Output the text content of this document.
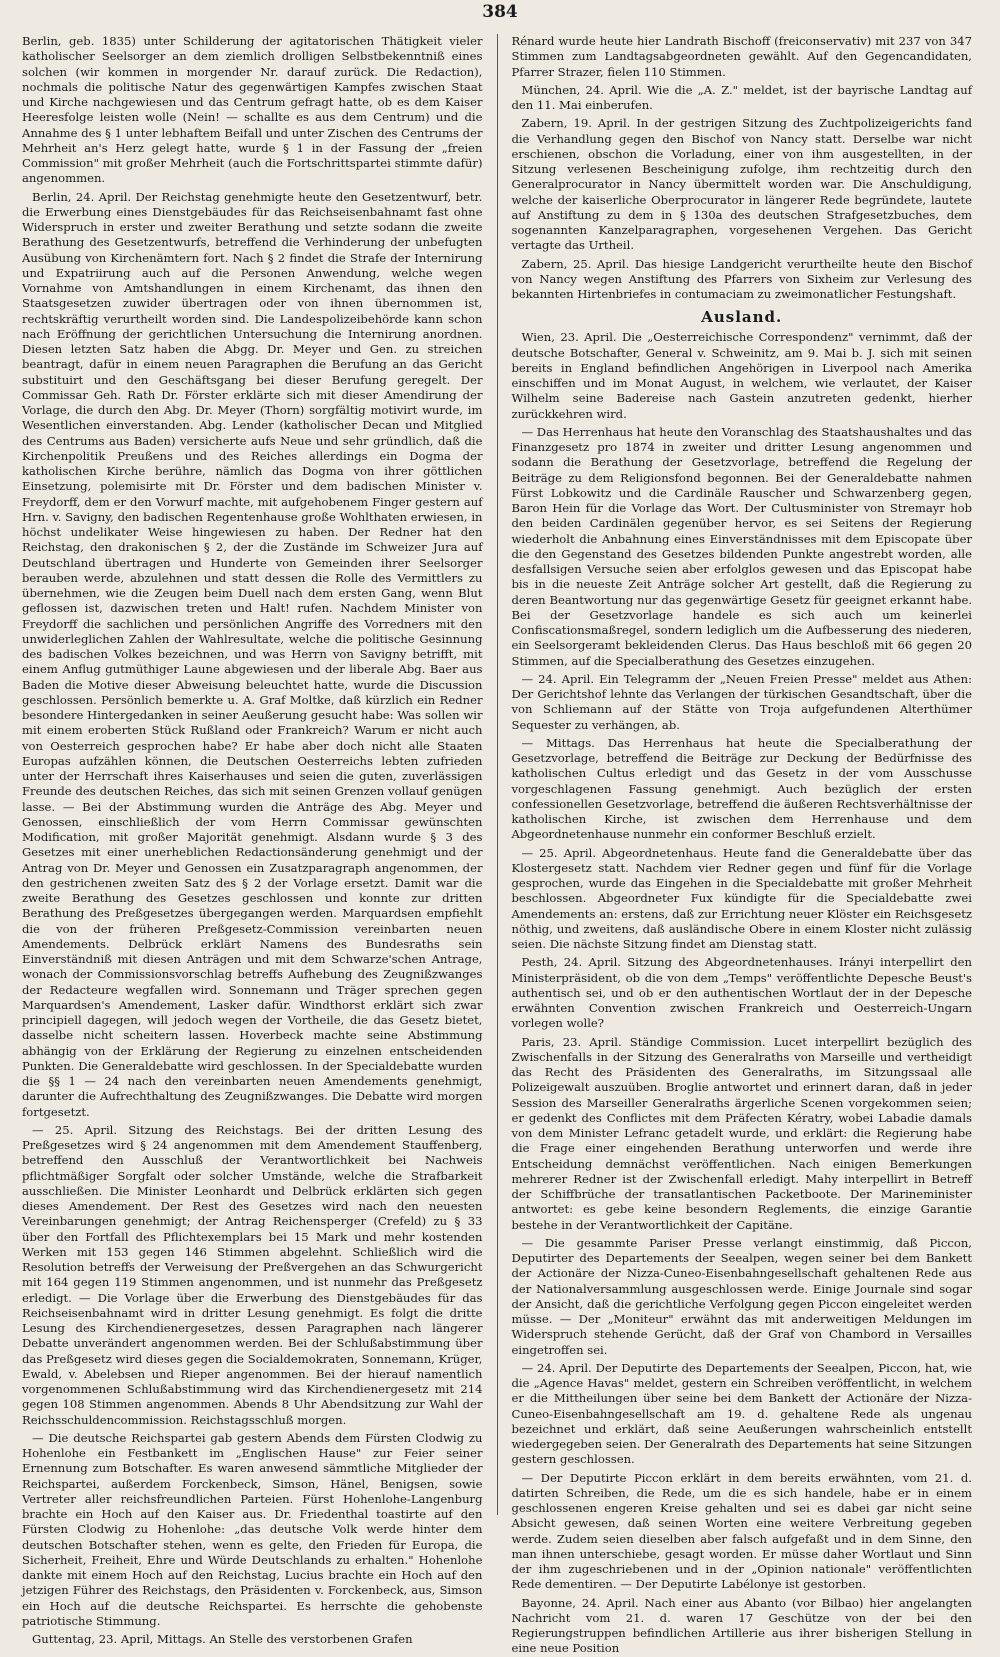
384

Berlin, geb. 1835) unter Schilderung der agitatorischen Thätigkeit vieler katholischer Seelsorger an dem ziemlich drolligen Selbstbekenntniß eines solchen (wir kommen in morgender Nr. darauf zurück. Die Redaction), nochmals die politische Natur des gegenwärtigen Kampfes zwischen Staat und Kirche nachgewiesen und das Centrum gefragt hatte, ob es dem Kaiser Heeresfolge leisten wolle (Nein! — schallte es aus dem Centrum) und die Annahme des § 1 unter lebhaftem Beifall und unter Zischen des Centrums der Mehrheit an's Herz gelegt hatte, wurde § 1 in der Fassung der „freien Commission" mit großer Mehrheit (auch die Fortschrittspartei stimmte dafür) angenommen.

Berlin, 24. April. Der Reichstag genehmigte heute den Gesetzentwurf, betr. die Erwerbung eines Dienstgebäudes für das Reichseisenbahnamt fast ohne Widerspruch in erster und zweiter Berathung und setzte sodann die zweite Berathung des Gesetzentwurfs, betreffend die Verhinderung der unbefugten Ausübung von Kirchenämtern fort. Nach § 2 findet die Strafe der Internirung und Expatriirung auch auf die Personen Anwendung, welche wegen Vornahme von Amtshandlungen in einem Kirchenamt, das ihnen den Staatsgesetzen zuwider übertragen oder von ihnen übernommen ist, rechtskräftig verurtheilt worden sind. Die Landespolizeibehörde kann schon nach Eröffnung der gerichtlichen Untersuchung die Internirung anordnen. Diesen letzten Satz haben die Abgg. Dr. Meyer und Gen. zu streichen beantragt, dafür in einem neuen Paragraphen die Berufung an das Gericht substituirt und den Geschäftsgang bei dieser Berufung geregelt. Der Commissar Geh. Rath Dr. Förster erklärte sich mit dieser Amendirung der Vorlage, die durch den Abg. Dr. Meyer (Thorn) sorgfältig motivirt wurde, im Wesentlichen einverstanden. Abg. Lender (katholischer Decan und Mitglied des Centrums aus Baden) versicherte aufs Neue und sehr gründlich, daß die Kirchenpolitik Preußens und des Reiches allerdings ein Dogma der katholischen Kirche berühre, nämlich das Dogma von ihrer göttlichen Einsetzung, polemisirte mit Dr. Förster und dem badischen Minister v. Freydorff, dem er den Vorwurf machte, mit aufgehobenem Finger gestern auf Hrn. v. Savigny, den badischen Regentenhause große Wohlthaten erwiesen, in höchst undelikater Weise hingewiesen zu haben. Der Redner hat den Reichstag, den drakonischen § 2, der die Zustände im Schweizer Jura auf Deutschland übertragen und Hunderte von Gemeinden ihrer Seelsorger berauben werde, abzulehnen und statt dessen die Rolle des Vermittlers zu übernehmen, wie die Zeugen beim Duell nach dem ersten Gang, wenn Blut geflossen ist, dazwischen treten und Halt! rufen. Nachdem Minister von Freydorff die sachlichen und persönlichen Angriffe des Vorredners mit den unwiderleglichen Zahlen der Wahlresultate, welche die politische Gesinnung des badischen Volkes bezeichnen, und was Herrn von Savigny betrifft, mit einem Anflug gutmüthiger Laune abgewiesen und der liberale Abg. Baer aus Baden die Motive dieser Abweisung beleuchtet hatte, wurde die Discussion geschlossen. Persönlich bemerkte u. A. Graf Moltke, daß kürzlich ein Redner besondere Hintergedanken in seiner Aeußerung gesucht habe: Was sollen wir mit einem eroberten Stück Rußland oder Frankreich? Warum er nicht auch von Oesterreich gesprochen habe? Er habe aber doch nicht alle Staaten Europas aufzählen können, die Deutschen Oesterreichs lebten zufrieden unter der Herrschaft ihres Kaiserhauses und seien die guten, zuverlässigen Freunde des deutschen Reiches, das sich mit seinen Grenzen vollauf genügen lasse. — Bei der Abstimmung wurden die Anträge des Abg. Meyer und Genossen, einschließlich der vom Herrn Commissar gewünschten Modification, mit großer Majorität genehmigt. Alsdann wurde § 3 des Gesetzes mit einer unerheblichen Redactionsänderung genehmigt und der Antrag von Dr. Meyer und Genossen ein Zusatzparagraph angenommen, der den gestrichenen zweiten Satz des § 2 der Vorlage ersetzt. Damit war die zweite Berathung des Gesetzes geschlossen und konnte zur dritten Berathung des Preßgesetzes übergegangen werden. Marquardsen empfiehlt die von der früheren Preßgesetz-Commission vereinbarten neuen Amendements. Delbrück erklärt Namens des Bundesraths sein Einverständniß mit diesen Anträgen und mit dem Schwarze'schen Antrage, wonach der Commissionsvorschlag betreffs Aufhebung des Zeugnißzwanges der Redacteure wegfallen wird. Sonnemann und Träger sprechen gegen Marquardsen's Amendement, Lasker dafür. Windthorst erklärt sich zwar principiell dagegen, will jedoch wegen der Vortheile, die das Gesetz bietet, dasselbe nicht scheitern lassen. Hoverbeck machte seine Abstimmung abhängig von der Erklärung der Regierung zu einzelnen entscheidenden Punkten. Die Generaldebatte wird geschlossen. In der Specialdebatte wurden die §§ 1 — 24 nach den vereinbarten neuen Amendements genehmigt, darunter die Aufrechthaltung des Zeugnißzwanges. Die Debatte wird morgen fortgesetzt.

— 25. April. Sitzung des Reichstags. Bei der dritten Lesung des Preßgesetzes wird § 24 angenommen mit dem Amendement Stauffenberg, betreffend den Ausschluß der Verantwortlichkeit bei Nachweis pflichtmäßiger Sorgfalt oder solcher Umstände, welche die Strafbarkeit ausschließen. Die Minister Leonhardt und Delbrück erklärten sich gegen dieses Amendement. Der Rest des Gesetzes wird nach den neuesten Vereinbarungen genehmigt; der Antrag Reichensperger (Crefeld) zu § 33 über den Fortfall des Pflichtexemplars bei 15 Mark und mehr kostenden Werken mit 153 gegen 146 Stimmen abgelehnt. Schließlich wird die Resolution betreffs der Verweisung der Preßvergehen an das Schwurgericht mit 164 gegen 119 Stimmen angenommen, und ist nunmehr das Preßgesetz erledigt. — Die Vorlage über die Erwerbung des Dienstgebäudes für das Reichseisenbahnamt wird in dritter Lesung genehmigt. Es folgt die dritte Lesung des Kirchendienergesetzes, dessen Paragraphen nach längerer Debatte unverändert angenommen werden. Bei der Schlußabstimmung über das Preßgesetz wird dieses gegen die Socialdemokraten, Sonnemann, Krüger, Ewald, v. Abelebsen und Rieper angenommen. Bei der hierauf namentlich vorgenommenen Schlußabstimmung wird das Kirchendienergesetz mit 214 gegen 108 Stimmen angenommen. Abends 8 Uhr Abendsitzung zur Wahl der Reichsschuldencommission. Reichstagsschluß morgen.

— Die deutsche Reichspartei gab gestern Abends dem Fürsten Clodwig zu Hohenlohe ein Festbankett im „Englischen Hause" zur Feier seiner Ernennung zum Botschafter. Es waren anwesend sämmtliche Mitglieder der Reichspartei, außerdem Forckenbeck, Simson, Hänel, Benigsen, sowie Vertreter aller reichsfreundlichen Parteien. Fürst Hohenlohe-Langenburg brachte ein Hoch auf den Kaiser aus. Dr. Friedenthal toastirte auf den Fürsten Clodwig zu Hohenlohe: „das deutsche Volk werde hinter dem deutschen Botschafter stehen, wenn es gelte, den Frieden für Europa, die Sicherheit, Freiheit, Ehre und Würde Deutschlands zu erhalten." Hohenlohe dankte mit einem Hoch auf den Reichstag, Lucius brachte ein Hoch auf den jetzigen Führer des Reichstags, den Präsidenten v. Forckenbeck, aus, Simson ein Hoch auf die deutsche Reichspartei. Es herrschte die gehobenste patriotische Stimmung.

Guttentag, 23. April, Mittags. An Stelle des verstorbenen Grafen

Rénard wurde heute hier Landrath Bischoff (freiconservativ) mit 237 von 347 Stimmen zum Landtagsabgeordneten gewählt. Auf den Gegencandidaten, Pfarrer Strazer, fielen 110 Stimmen.

München, 24. April. Wie die „A. Z." meldet, ist der bayrische Landtag auf den 11. Mai einberufen.

Zabern, 19. April. In der gestrigen Sitzung des Zuchtpolizeigerichts fand die Verhandlung gegen den Bischof von Nancy statt. Derselbe war nicht erschienen, obschon die Vorladung, einer von ihm ausgestellten, in der Sitzung verlesenen Bescheinigung zufolge, ihm rechtzeitig durch den Generalprocurator in Nancy übermittelt worden war. Die Anschuldigung, welche der kaiserliche Oberprocurator in längerer Rede begründete, lautete auf Anstiftung zu dem in § 130a des deutschen Strafgesetzbuches, dem sogenannten Kanzelparagraphen, vorgesehenen Vergehen. Das Gericht vertagte das Urtheil.

Zabern, 25. April. Das hiesige Landgericht verurtheilte heute den Bischof von Nancy wegen Anstiftung des Pfarrers von Sixheim zur Verlesung des bekannten Hirtenbriefes in contumaciam zu zweimonatlicher Festungshaft.

Ausland.

Wien, 23. April. Die „Oesterreichische Correspondenz" vernimmt, daß der deutsche Botschafter, General v. Schweinitz, am 9. Mai b. J. sich mit seinen bereits in England befindlichen Angehörigen in Liverpool nach Amerika einschiffen und im Monat August, in welchem, wie verlautet, der Kaiser Wilhelm seine Badereise nach Gastein anzutreten gedenkt, hierher zurückkehren wird.

— Das Herrenhaus hat heute den Voranschlag des Staatshaushaltes und das Finanzgesetz pro 1874 in zweiter und dritter Lesung angenommen und sodann die Berathung der Gesetzvorlage, betreffend die Regelung der Beiträge zu dem Religionsfond begonnen. Bei der Generaldebatte nahmen Fürst Lobkowitz und die Cardinäle Rauscher und Schwarzenberg gegen, Baron Hein für die Vorlage das Wort. Der Cultusminister von Stremayr hob den beiden Cardinälen gegenüber hervor, es sei Seitens der Regierung wiederholt die Anbahnung eines Einverständnisses mit dem Episcopate über die den Gegenstand des Gesetzes bildenden Punkte angestrebt worden, alle desfallsigen Versuche seien aber erfolglos gewesen und das Episcopat habe bis in die neueste Zeit Anträge solcher Art gestellt, daß die Regierung zu deren Beantwortung nur das gegenwärtige Gesetz für geeignet erkannt habe. Bei der Gesetzvorlage handele es sich auch um keinerlei Confiscationsmaßregel, sondern lediglich um die Aufbesserung des niederen, ein Seelsorgeramt bekleidenden Clerus. Das Haus beschloß mit 66 gegen 20 Stimmen, auf die Specialberathung des Gesetzes einzugehen.

— 24. April. Ein Telegramm der „Neuen Freien Presse" meldet aus Athen: Der Gerichtshof lehnte das Verlangen der türkischen Gesandtschaft, über die von Schliemann auf der Stätte von Troja aufgefundenen Alterthümer Sequester zu verhängen, ab.

— Mittags. Das Herrenhaus hat heute die Specialberathung der Gesetzvorlage, betreffend die Beiträge zur Deckung der Bedürfnisse des katholischen Cultus erledigt und das Gesetz in der vom Ausschusse vorgeschlagenen Fassung genehmigt. Auch bezüglich der ersten confessionellen Gesetzvorlage, betreffend die äußeren Rechtsverhältnisse der katholischen Kirche, ist zwischen dem Herrenhause und dem Abgeordnetenhause nunmehr ein conformer Beschluß erzielt.

— 25. April. Abgeordnetenhaus. Heute fand die Generaldebatte über das Klostergesetz statt. Nachdem vier Redner gegen und fünf für die Vorlage gesprochen, wurde das Eingehen in die Specialdebatte mit großer Mehrheit beschlossen. Abgeordneter Fux kündigte für die Specialdebatte zwei Amendements an: erstens, daß zur Errichtung neuer Klöster ein Reichsgesetz nöthig, und zweitens, daß ausländische Obere in einem Kloster nicht zulässig seien. Die nächste Sitzung findet am Dienstag statt.

Pesth, 24. April. Sitzung des Abgeordnetenhauses. Irányi interpellirt den Ministerpräsident, ob die von dem „Temps" veröffentlichte Depesche Beust's authentisch sei, und ob er den authentischen Wortlaut der in der Depesche erwähnten Convention zwischen Frankreich und Oesterreich-Ungarn vorlegen wolle?

Paris, 23. April. Ständige Commission. Lucet interpellirt bezüglich des Zwischenfalls in der Sitzung des Generalraths von Marseille und vertheidigt das Recht des Präsidenten des Generalraths, im Sitzungssaal alle Polizeigewalt auszuüben. Broglie antwortet und erinnert daran, daß in jeder Session des Marseiller Generalraths ärgerliche Scenen vorgekommen seien; er gedenkt des Conflictes mit dem Präfecten Kératry, wobei Labadie damals von dem Minister Lefranc getadelt wurde, und erklärt: die Regierung habe die Frage einer eingehenden Berathung unterworfen und werde ihre Entscheidung demnächst veröffentlichen. Nach einigen Bemerkungen mehrerer Redner ist der Zwischenfall erledigt. Mahy interpellirt in Betreff der Schiffbrüche der transatlantischen Packetboote. Der Marineminister antwortet: es gebe keine besondern Reglements, die einzige Garantie bestehe in der Verantwortlichkeit der Capitäne.

— Die gesammte Pariser Presse verlangt einstimmig, daß Piccon, Deputirter des Departements der Seealpen, wegen seiner bei dem Bankett der Actionäre der Nizza-Cuneo-Eisenbahngesellschaft gehaltenen Rede aus der Nationalversammlung ausgeschlossen werde. Einige Journale sind sogar der Ansicht, daß die gerichtliche Verfolgung gegen Piccon eingeleitet werden müsse. — Der „Moniteur" erwähnt das mit anderweitigen Meldungen im Widerspruch stehende Gerücht, daß der Graf von Chambord in Versailles eingetroffen sei.

— 24. April. Der Deputirte des Departements der Seealpen, Piccon, hat, wie die „Agence Havas" meldet, gestern ein Schreiben veröffentlicht, in welchem er die Mittheilungen über seine bei dem Bankett der Actionäre der Nizza-Cuneo-Eisenbahngesellschaft am 19. d. gehaltene Rede als ungenau bezeichnet und erklärt, daß seine Aeußerungen wahrscheinlich entstellt wiedergegeben seien. Der Generalrath des Departements hat seine Sitzungen gestern geschlossen.

— Der Deputirte Piccon erklärt in dem bereits erwähnten, vom 21. d. datirten Schreiben, die Rede, um die es sich handele, habe er in einem geschlossenen engeren Kreise gehalten und sei es dabei gar nicht seine Absicht gewesen, daß seinen Worten eine weitere Verbreitung gegeben werde. Zudem seien dieselben aber falsch aufgefaßt und in dem Sinne, den man ihnen unterschiebe, gesagt worden. Er müsse daher Wortlaut und Sinn der ihm zugeschriebenen und in der „Opinion nationale" veröffentlichten Rede dementiren. — Der Deputirte Labélonye ist gestorben.

Bayonne, 24. April. Nach einer aus Abanto (vor Bilbao) hier angelangten Nachricht vom 21. d. waren 17 Geschütze von der bei den Regierungstruppen befindlichen Artillerie aus ihrer bisherigen Stellung in eine neue Position
